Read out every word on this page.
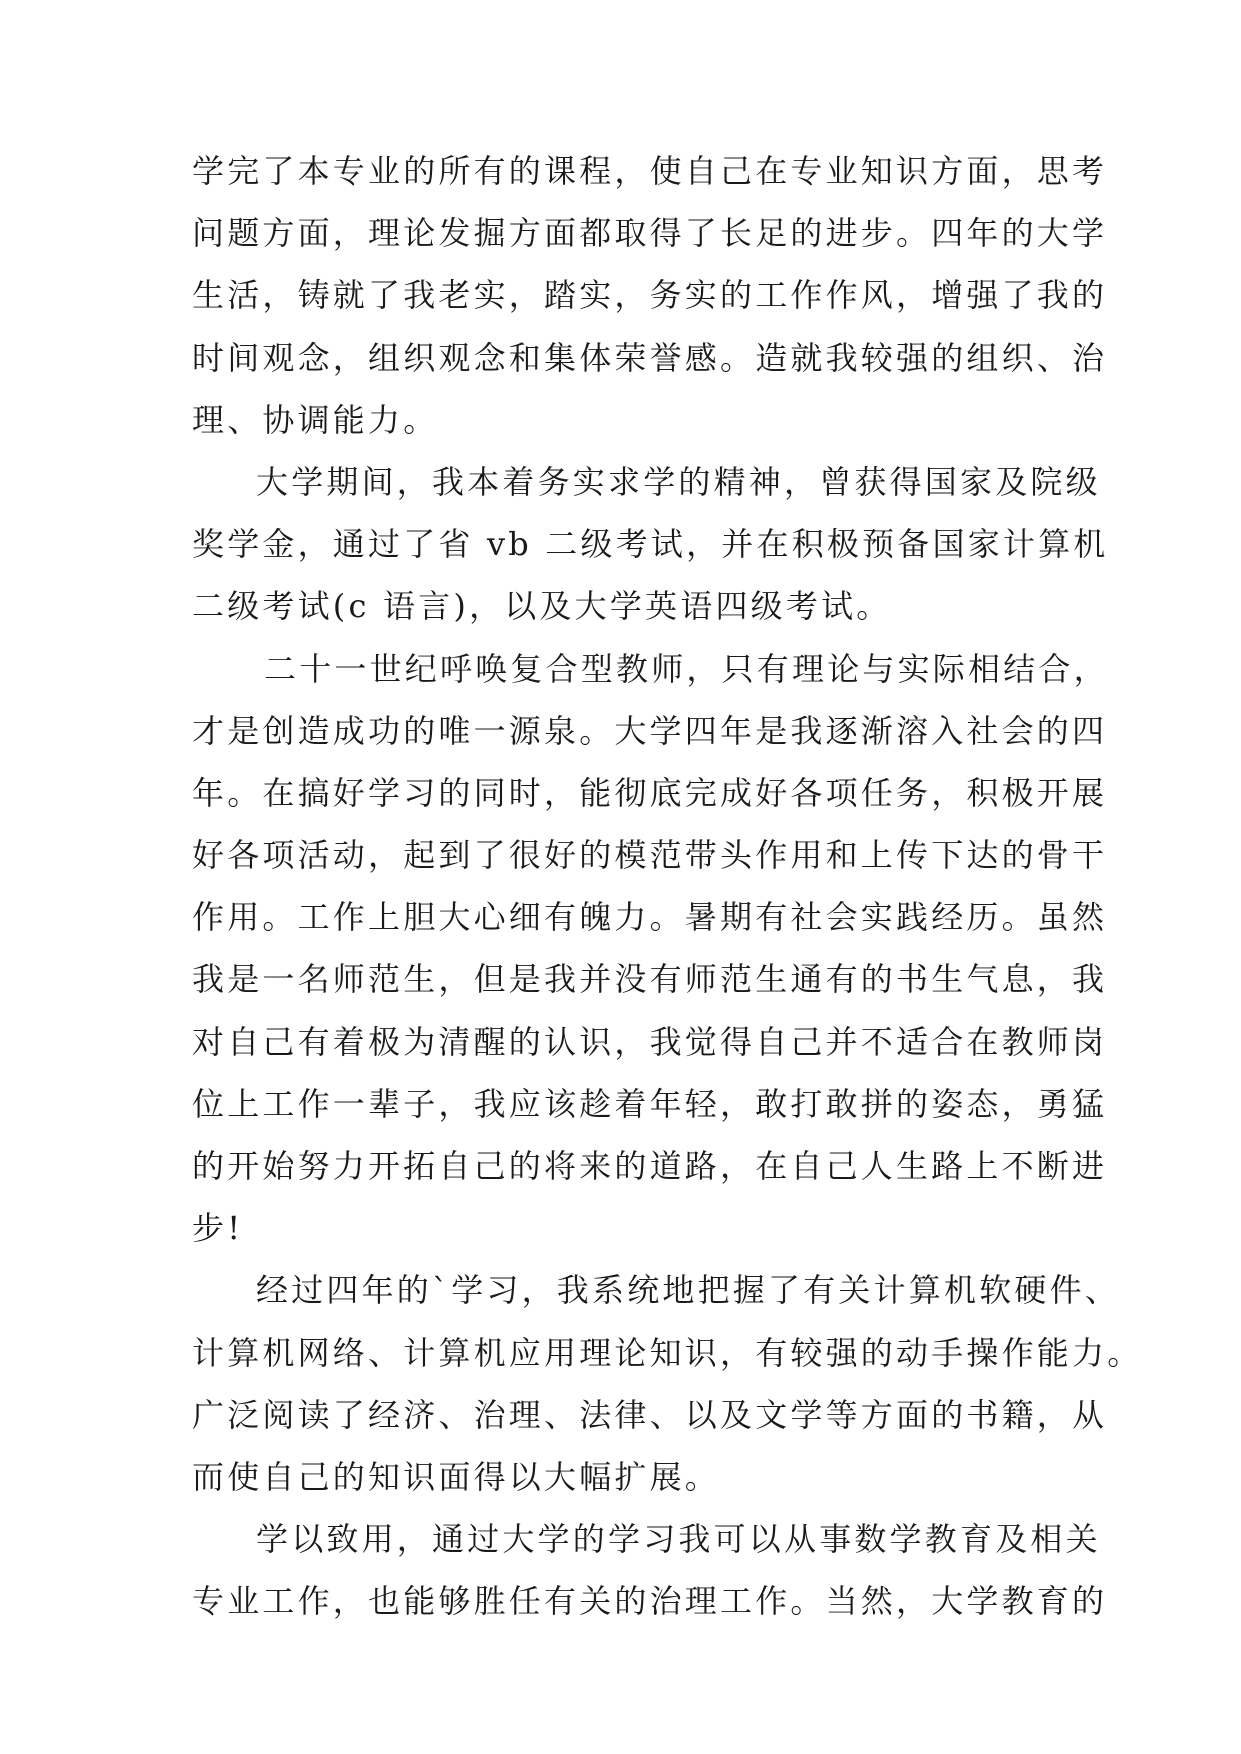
学完了本专业的所有的课程，使自己在专业知识方面，思考
问题方面，理论发掘方面都取得了长足的进步。四年的大学
生活，铸就了我老实，踏实，务实的工作作风，增强了我的
时间观念，组织观念和集体荣誉感。造就我较强的组织、治
理、协调能力。
大学期间，我本着务实求学的精神，曾获得国家及院级
奖学金，通过了省 vb 二级考试，并在积极预备国家计算机
二级考试(c 语言)，以及大学英语四级考试。
二十一世纪呼唤复合型教师，只有理论与实际相结合，
才是创造成功的唯一源泉。大学四年是我逐渐溶入社会的四
年。在搞好学习的同时，能彻底完成好各项任务，积极开展
好各项活动，起到了很好的模范带头作用和上传下达的骨干
作用。工作上胆大心细有魄力。暑期有社会实践经历。虽然
我是一名师范生，但是我并没有师范生通有的书生气息，我
对自己有着极为清醒的认识，我觉得自己并不适合在教师岗
位上工作一辈子，我应该趁着年轻，敢打敢拼的姿态，勇猛
的开始努力开拓自己的将来的道路，在自己人生路上不断进
步!
经过四年的`学习，我系统地把握了有关计算机软硬件、
计算机网络、计算机应用理论知识，有较强的动手操作能力。
广泛阅读了经济、治理、法律、以及文学等方面的书籍，从
而使自己的知识面得以大幅扩展。
学以致用，通过大学的学习我可以从事数学教育及相关
专业工作，也能够胜任有关的治理工作。当然，大学教育的
